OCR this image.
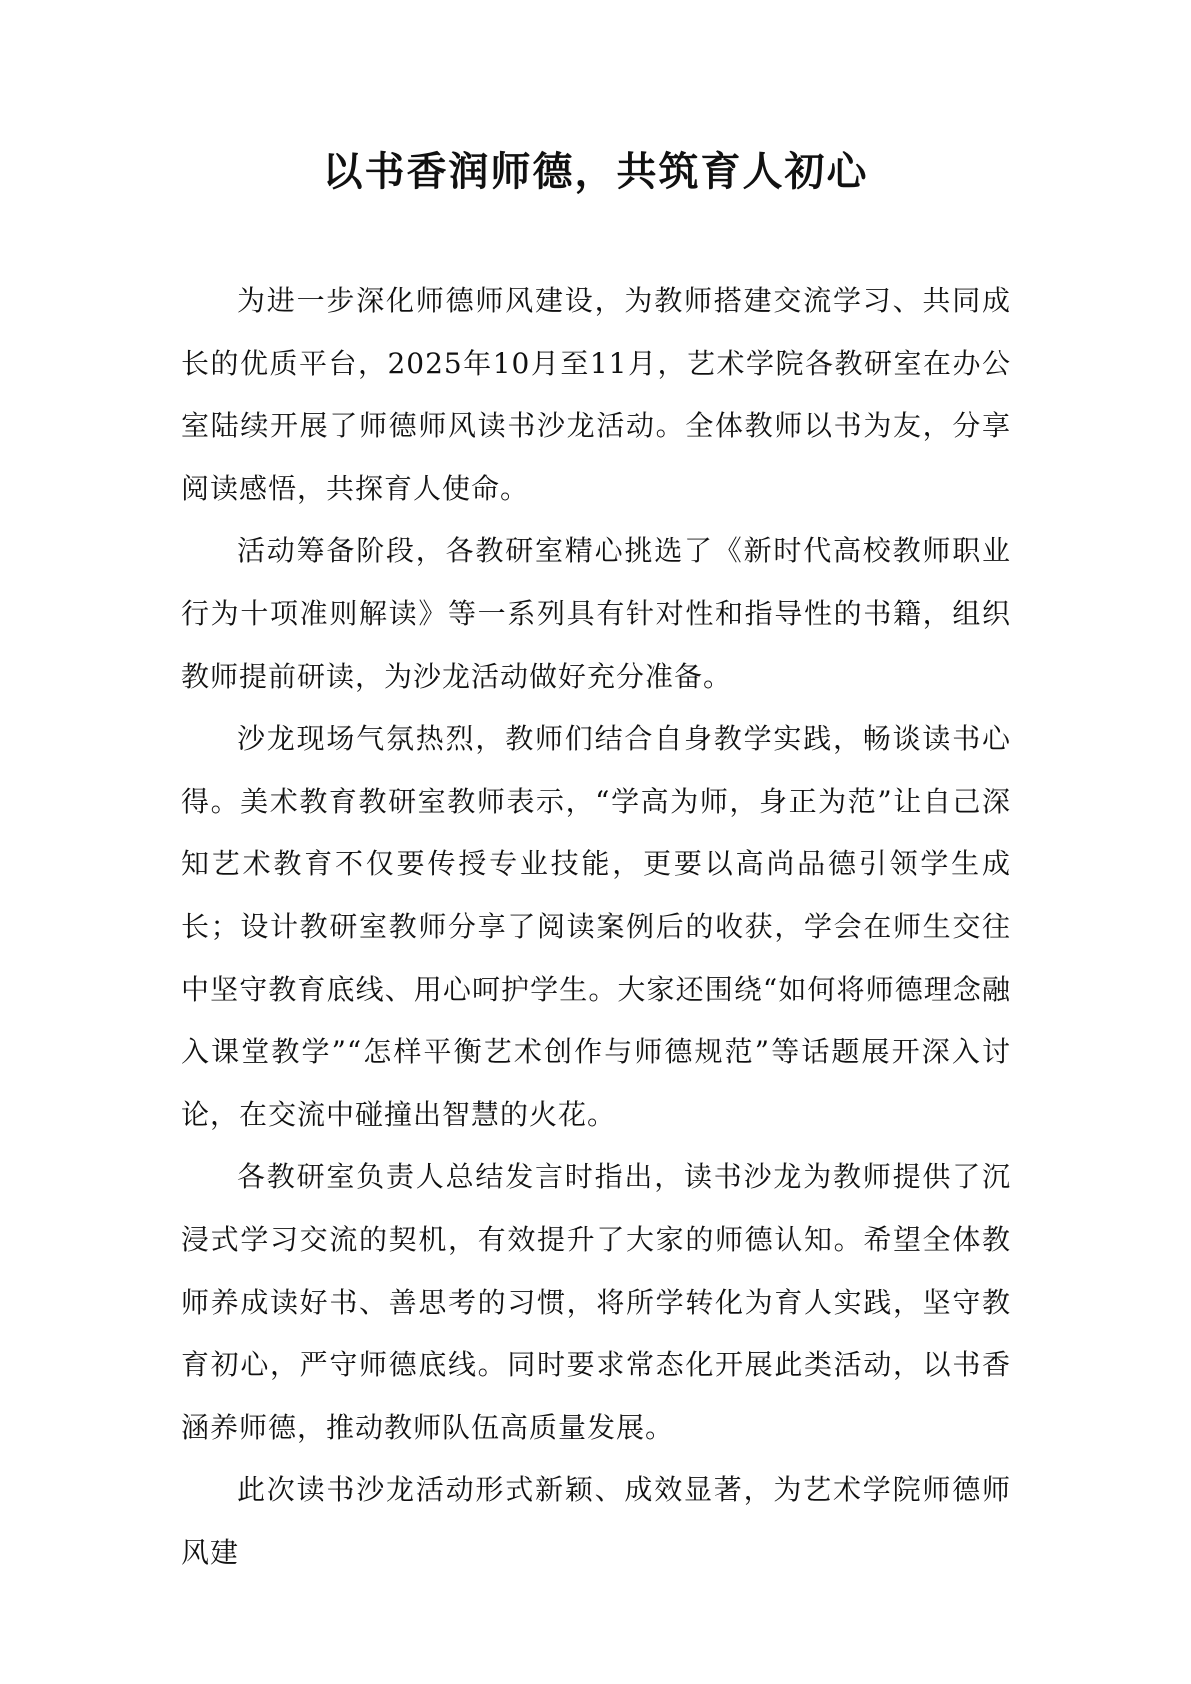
以书香润师德，共筑育人初心

为进一步深化师德师风建设，为教师搭建交流学习、共同成长的优质平台，2025年10月至11月，艺术学院各教研室在办公室陆续开展了师德师风读书沙龙活动。全体教师以书为友，分享阅读感悟，共探育人使命。

活动筹备阶段，各教研室精心挑选了《新时代高校教师职业行为十项准则解读》等一系列具有针对性和指导性的书籍，组织教师提前研读，为沙龙活动做好充分准备。

沙龙现场气氛热烈，教师们结合自身教学实践，畅谈读书心得。美术教育教研室教师表示，“学高为师，身正为范”让自己深知艺术教育不仅要传授专业技能，更要以高尚品德引领学生成长；设计教研室教师分享了阅读案例后的收获，学会在师生交往中坚守教育底线、用心呵护学生。大家还围绕“如何将师德理念融入课堂教学”“怎样平衡艺术创作与师德规范”等话题展开深入讨论，在交流中碰撞出智慧的火花。

各教研室负责人总结发言时指出，读书沙龙为教师提供了沉浸式学习交流的契机，有效提升了大家的师德认知。希望全体教师养成读好书、善思考的习惯，将所学转化为育人实践，坚守教育初心，严守师德底线。同时要求常态化开展此类活动，以书香涵养师德，推动教师队伍高质量发展。

此次读书沙龙活动形式新颖、成效显著，为艺术学院师德师风建
